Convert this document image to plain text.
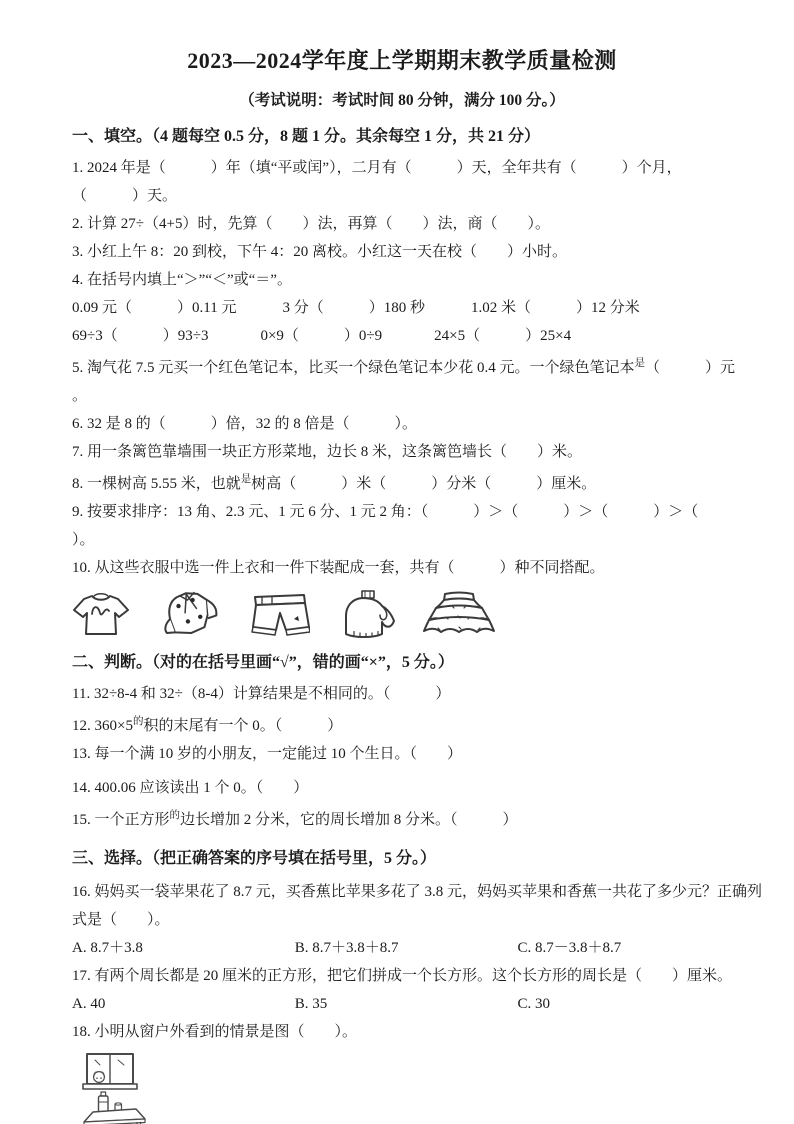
2023—2024学年度上学期期末教学质量检测
（考试说明：考试时间 80 分钟，满分 100 分。）
一、填空。（4 题每空 0.5 分，8 题 1 分。其余每空 1 分，共 21 分）
1. 2024 年是（　　　）年（填“平或闰”），二月有（　　　）天，全年共有（　　　）个月，
（　　　）天。
2. 计算 27÷（4+5）时，先算（　　）法，再算（　　）法，商（　　）。
3. 小红上午 8：20 到校，下午 4：20 离校。小红这一天在校（　　）小时。
4. 在括号内填上“＞”“＜”或“＝”。
0.09 元（　　　）0.11 元	3 分（　　　）180 秒	1.02 米（　　　）12 分米
69÷3（　　　）93÷3	0×9（　　　）0÷9	24×5（　　　）25×4
5. 淘气花 7.5 元买一个红色笔记本，比买一个绿色笔记本少花 0.4 元。一个绿色笔记本$^是$（　　　）元
。
6. 32 是 8 的（　　　）倍，32 的 8 倍是（　　　）。
7. 用一条篱笆靠墙围一块正方形菜地，边长 8 米，这条篱笆墙长（　　）米。
8. 一棵树高 5.55 米，也就$^是$树高（　　　）米（　　　）分米（　　　）厘米。
9. 按要求排序：13 角、2.3 元、1 元 6 分、1 元 2 角：（　　　）＞（　　　）＞（　　　）＞（
）。
10. 从这些衣服中选一件上衣和一件下装配成一套，共有（　　　）种不同搭配。
二、判断。（对的在括号里画“√”，错的画“×”，5 分。）
11. 32÷8-4 和 32÷（8-4）计算结果是不相同的。（　　　）
12. $360\times 5^的$积的末尾有一个 0。（　　　）
13. 每一个满 10 岁的小朋友，一定能过 10 个生日。（　　）
14. 400.06 应该读出 1 个 0。（　　）
15. 一个正方形$^的$边长增加 2 分米，它的周长增加 8 分米。（　　　）
三、选择。（把正确答案的序号填在括号里，5 分。）
16. 妈妈买一袋苹果花了 8.7 元，买香蕉比苹果多花了 3.8 元，妈妈买苹果和香蕉一共花了多少元？正确列
式是（　　）。
A. 8.7＋3.8	B. 8.7＋3.8＋8.7	C. 8.7－3.8＋8.7
17. 有两个周长都是 20 厘米的正方形，把它们拼成一个长方形。这个长方形的周长是（　　）厘米。
A. 40	B. 35	C. 30
18. 小明从窗户外看到的情景是图（　　）。
